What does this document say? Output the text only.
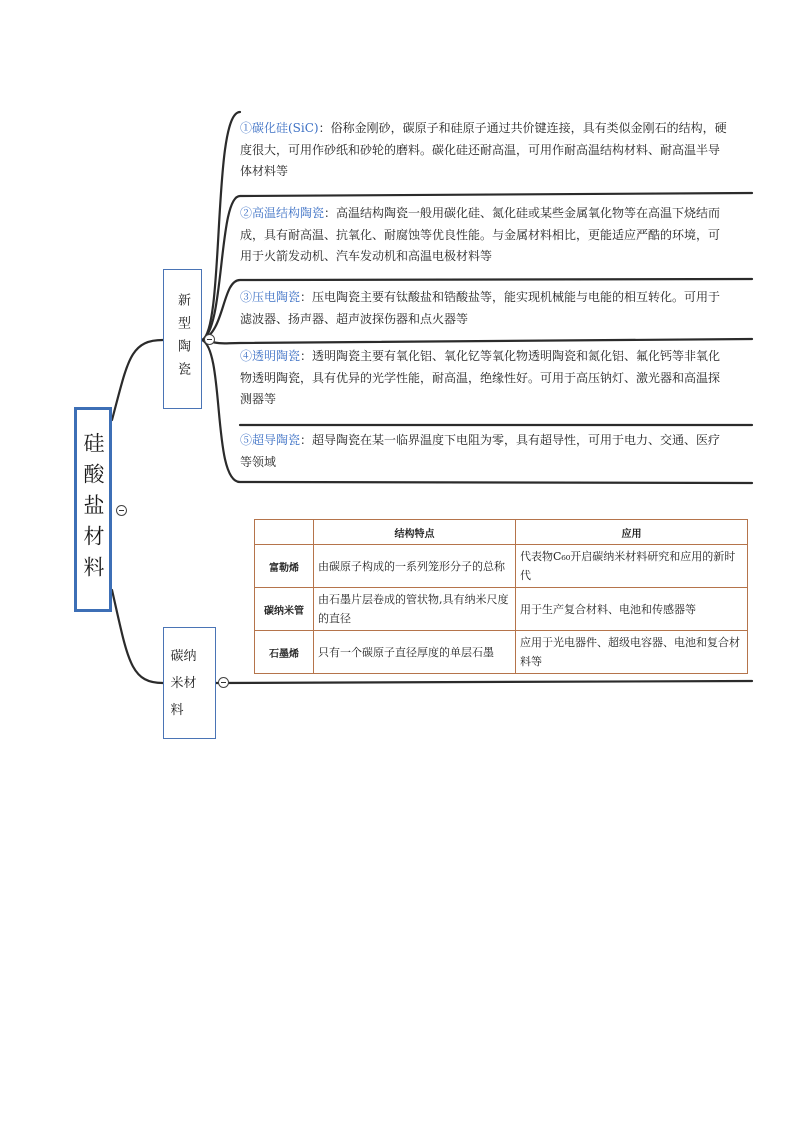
硅酸盐材料
新型陶瓷
碳纳
米材
料
①碳化硅(SiC)：俗称金刚砂，碳原子和硅原子通过共价键连接，具有类似金刚石的结构，硬度很大，可用作砂纸和砂轮的磨料。碳化硅还耐高温，可用作耐高温结构材料、耐高温半导体材料等
②高温结构陶瓷：高温结构陶瓷一般用碳化硅、氮化硅或某些金属氧化物等在高温下烧结而成，具有耐高温、抗氧化、耐腐蚀等优良性能。与金属材料相比，更能适应严酷的环境，可用于火箭发动机、汽车发动机和高温电极材料等
③压电陶瓷：压电陶瓷主要有钛酸盐和锆酸盐等，能实现机械能与电能的相互转化。可用于滤波器、扬声器、超声波探伤器和点火器等
④透明陶瓷：透明陶瓷主要有氧化铝、氧化钇等氧化物透明陶瓷和氮化铝、氟化钙等非氧化物透明陶瓷，具有优异的光学性能，耐高温，绝缘性好。可用于高压钠灯、激光器和高温探测器等
⑤超导陶瓷：超导陶瓷在某一临界温度下电阻为零，具有超导性，可用于电力、交通、医疗等领域
	结构特点	应用
富勒烯	由碳原子构成的一系列笼形分子的总称	代表物C₆₀开启碳纳米材料研究和应用的新时代
碳纳米管	由石墨片层卷成的管状物,具有纳米尺度的直径	用于生产复合材料、电池和传感器等
石墨烯	只有一个碳原子直径厚度的单层石墨	应用于光电器件、超级电容器、电池和复合材料等
